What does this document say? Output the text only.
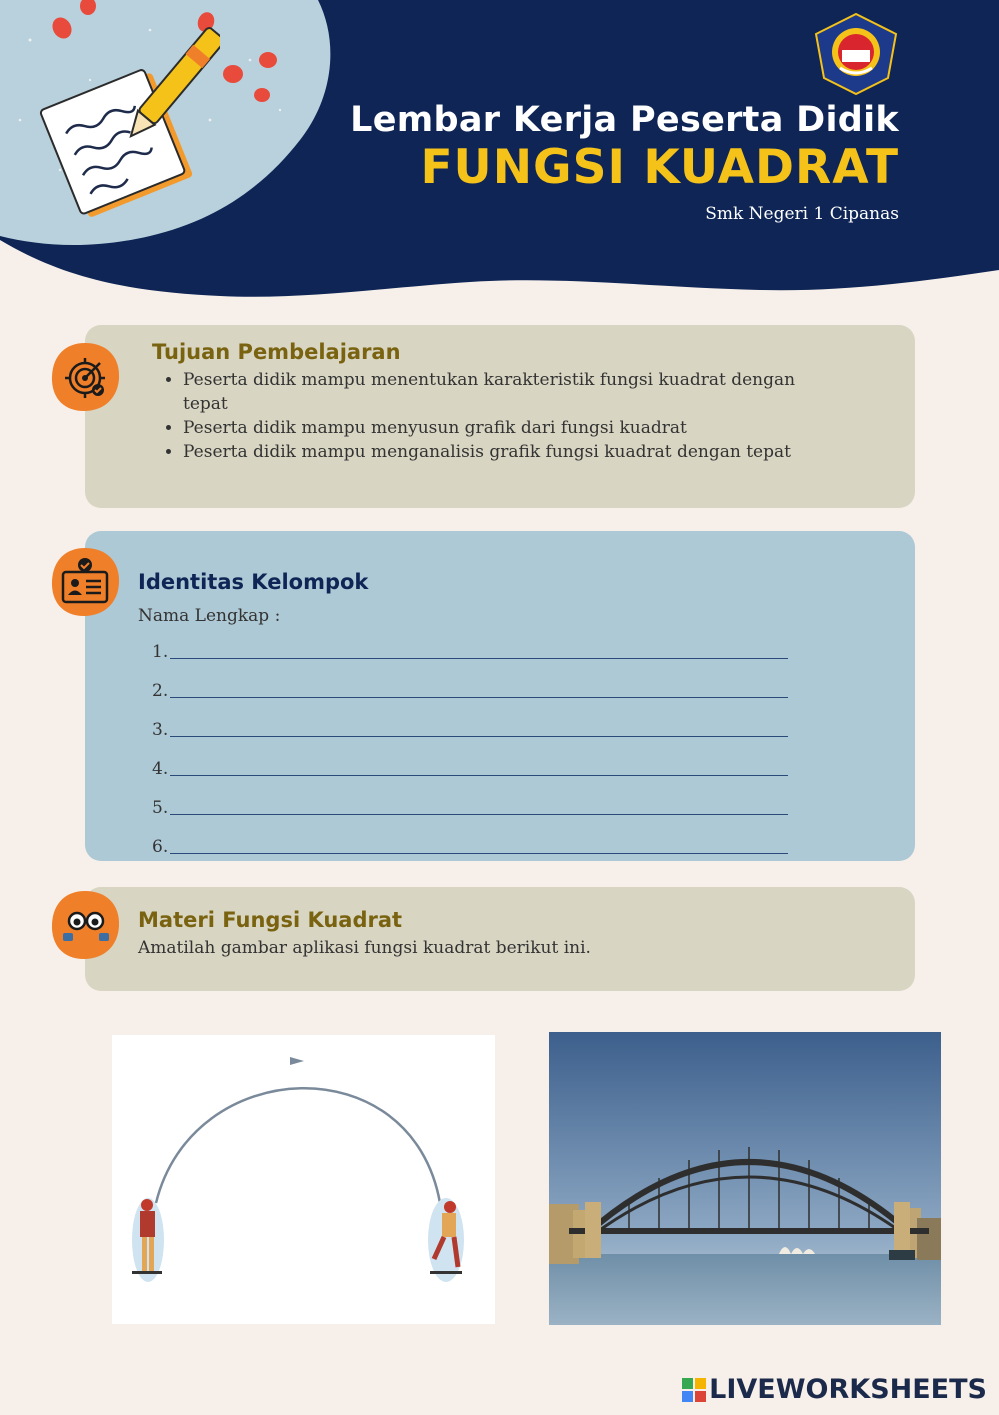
Lembar Kerja Peserta Didik
FUNGSI KUADRAT
Smk Negeri 1 Cipanas
Tujuan Pembelajaran
• Peserta didik mampu menentukan karakteristik fungsi kuadrat dengan tepat
• Peserta didik mampu menyusun grafik dari fungsi kuadrat
• Peserta didik mampu menganalisis grafik fungsi kuadrat dengan tepat
Identitas Kelompok
Nama Lengkap :
1.
2.
3.
4.
5.
6.
Materi Fungsi Kuadrat
Amatilah gambar aplikasi fungsi kuadrat berikut ini.
LIVEWORKSHEETS
